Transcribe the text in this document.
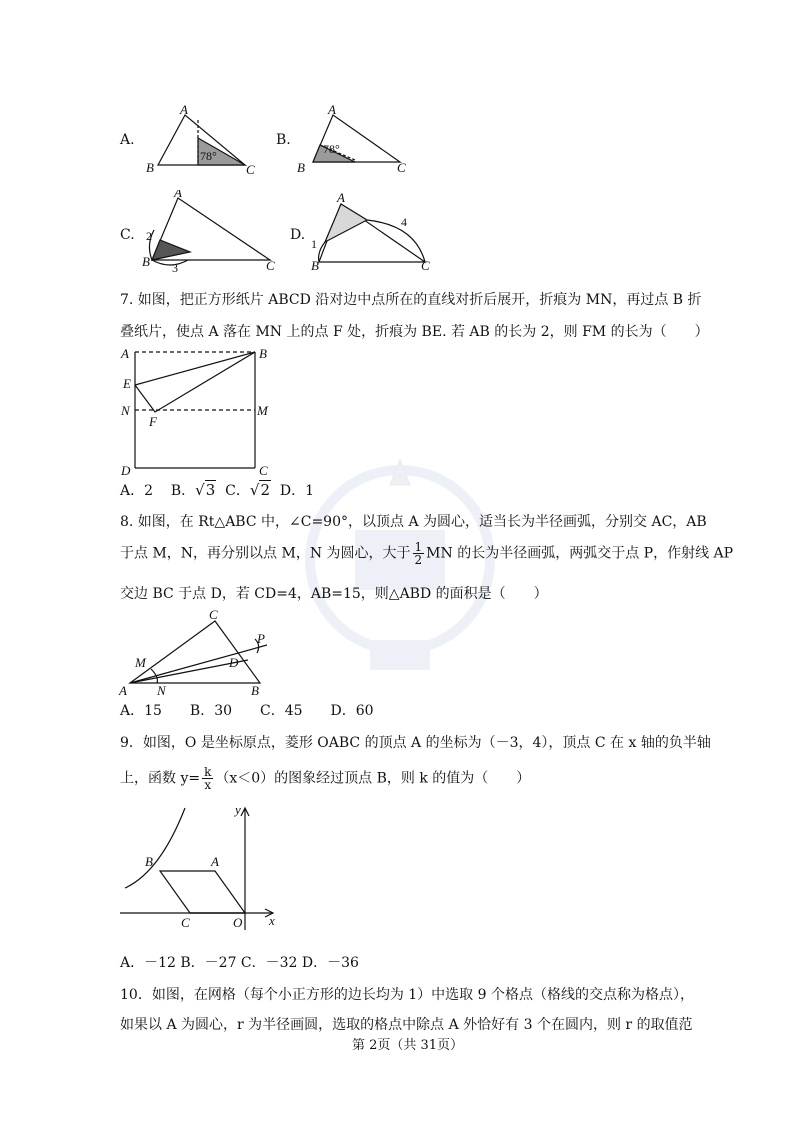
A.
A
B	C
78°
B.
A
B	C
78°
C.
A
B	C
2
3
D.
A
B	C
1
4
7. 如图，把正方形纸片 ABCD 沿对边中点所在的直线对折后展开，折痕为 MN，再过点 B 折
叠纸片，使点 A 落在 MN 上的点 F 处，折痕为 BE. 若 AB 的长为 2，则 FM 的长为（　　）
A	B
C
D
E
F
M
N
A．2 B．√3 C．√2 D．1
8. 如图，在 Rt△ABC 中，∠C=90°，以顶点 A 为圆心，适当长为半径画弧，分别交 AC，AB
于点 M，N，再分别以点 M，N 为圆心，大于 $\frac{1}{2}$ MN 的长为半径画弧，两弧交于点 P，作射线 AP
交边 BC 于点 D，若 CD=4，AB=15，则△ABD 的面积是（　　）
A	B
C
D
M
N
P
A．15　　B．30　　C．45　　D．60
9．如图，O 是坐标原点，菱形 OABC 的顶点 A 的坐标为（－3，4），顶点 C 在 x 轴的负半轴
上，函数 $y= \frac{k}{x} (x<0)$的图象经过顶点 B，则 k 的值为（　　）
B	A
C	O x
y
A．－12 B．－27 C．－32 D．－36
10．如图，在网格（每个小正方形的边长均为 1）中选取 9 个格点（格线的交点称为格点），
如果以 A 为圆心，r 为半径画圆，选取的格点中除点 A 外恰好有 3 个在圆内，则 r 的取值范
第 2页（共 31页）
